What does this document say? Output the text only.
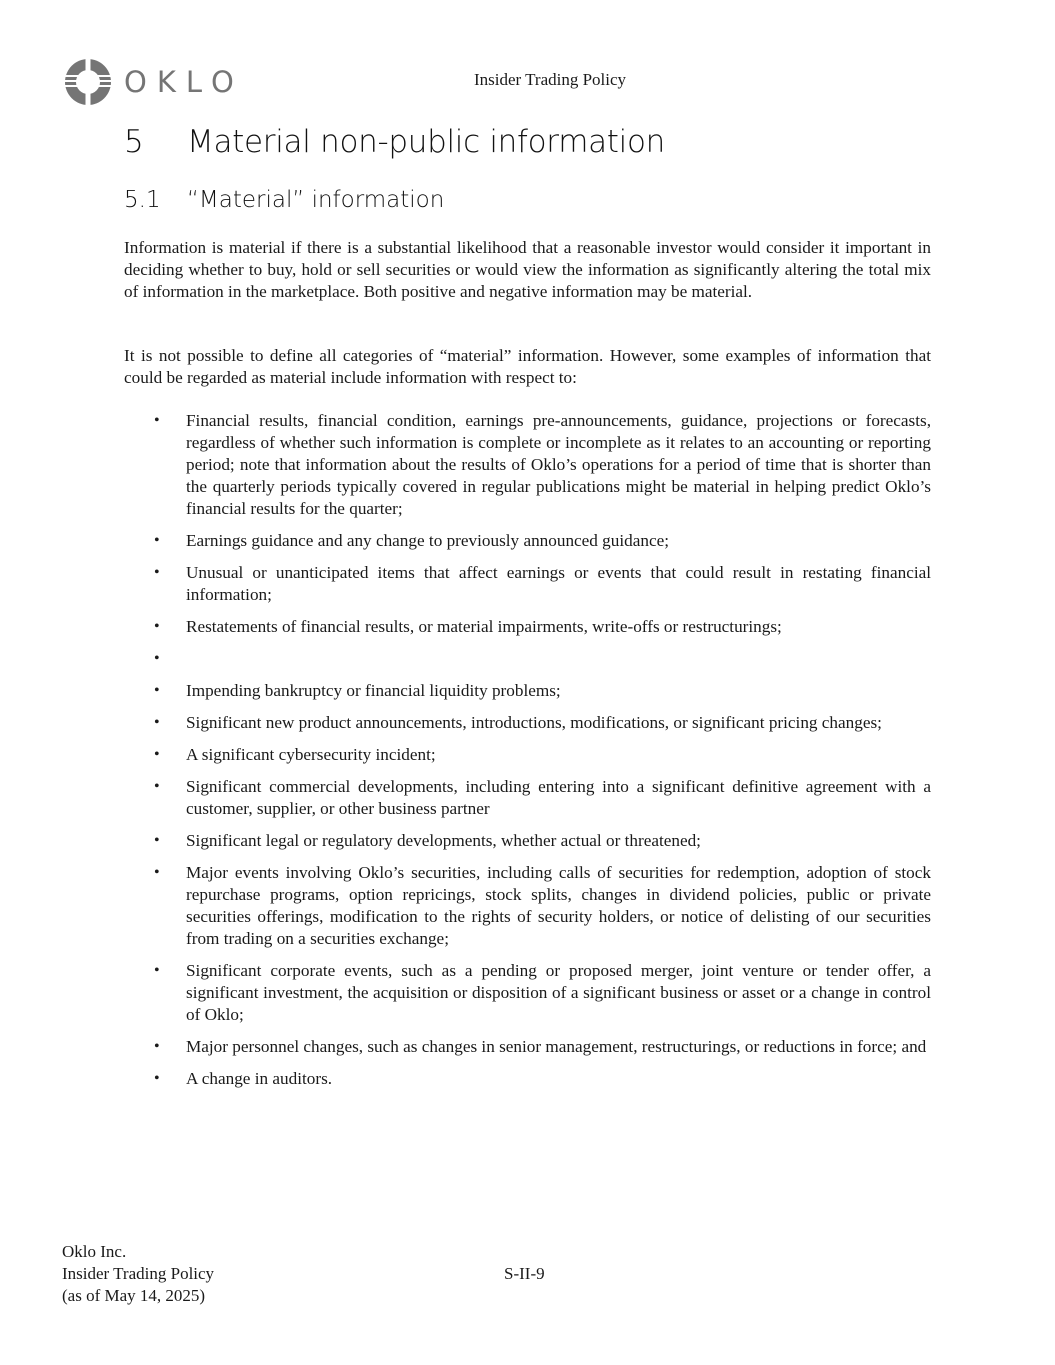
OKLO	Insider Trading Policy
5	Material non-public information
5.1	“Material” information

Information is material if there is a substantial likelihood that a reasonable investor would consider it important in deciding whether to buy, hold or sell securities or would view the information as significantly altering the total mix of information in the marketplace. Both positive and negative information may be material.

It is not possible to define all categories of “material” information. However, some examples of information that could be regarded as material include information with respect to:

• Financial results, financial condition, earnings pre-announcements, guidance, projections or forecasts, regardless of whether such information is complete or incomplete as it relates to an accounting or reporting period; note that information about the results of Oklo’s operations for a period of time that is shorter than the quarterly periods typically covered in regular publications might be material in helping predict Oklo’s financial results for the quarter;
• Earnings guidance and any change to previously announced guidance;
• Unusual or unanticipated items that affect earnings or events that could result in restating financial information;
• Restatements of financial results, or material impairments, write-offs or restructurings;
•
• Impending bankruptcy or financial liquidity problems;
• Significant new product announcements, introductions, modifications, or significant pricing changes;
• A significant cybersecurity incident;
• Significant commercial developments, including entering into a significant definitive agreement with a customer, supplier, or other business partner
• Significant legal or regulatory developments, whether actual or threatened;
• Major events involving Oklo’s securities, including calls of securities for redemption, adoption of stock repurchase programs, option repricings, stock splits, changes in dividend policies, public or private securities offerings, modification to the rights of security holders, or notice of delisting of our securities from trading on a securities exchange;
• Significant corporate events, such as a pending or proposed merger, joint venture or tender offer, a significant investment, the acquisition or disposition of a significant business or asset or a change in control of Oklo;
• Major personnel changes, such as changes in senior management, restructurings, or reductions in force; and
• A change in auditors.
Oklo Inc.
Insider Trading Policy
(as of May 14, 2025)
S-II-9
